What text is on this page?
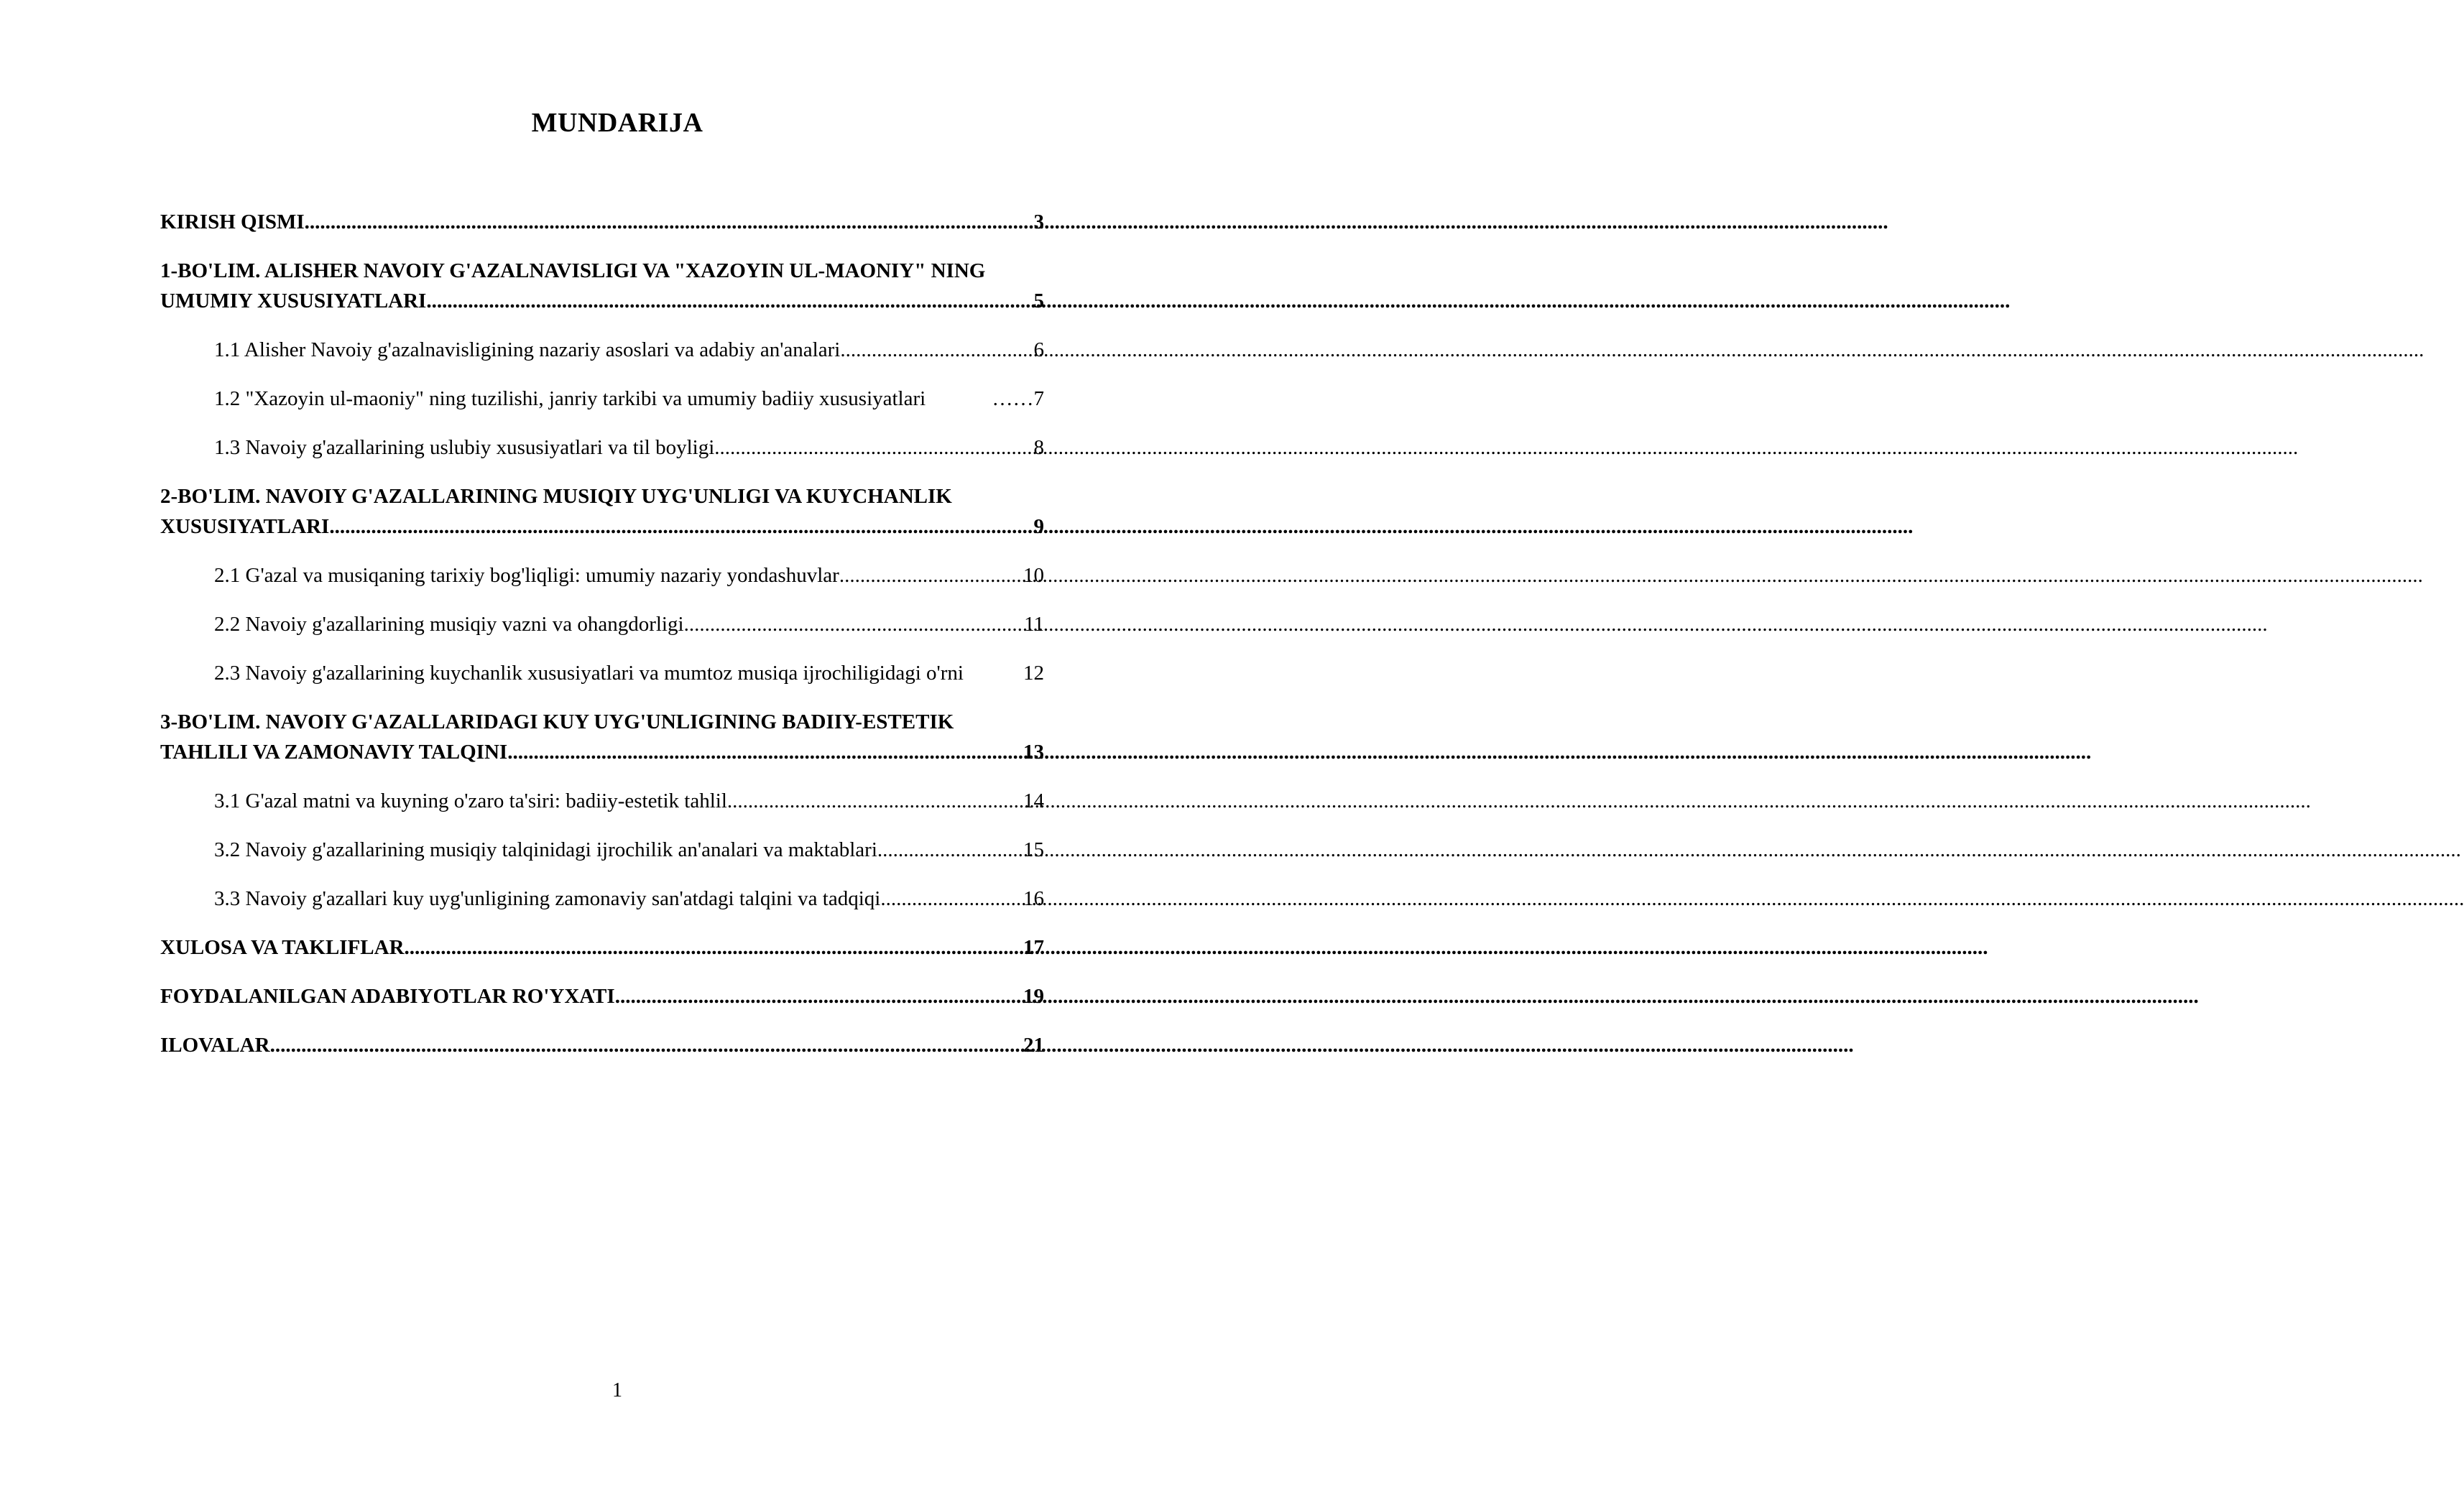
MUNDARIJA
KIRISH QISMI .....	3
1-BO'LIM. ALISHER NAVOIY G'AZALNAVISLIGI VA "XAZOYIN UL-MAONIY" NING
UMUMIY XUSUSIYATLARI .....	5
1.1 Alisher Navoiy g'azalnavisligining nazariy asoslari va adabiy an'analari .....	6
1.2 "Xazoyin ul-maoniy" ning tuzilishi, janriy tarkibi va umumiy badiiy xususiyatlari	…… 7
1.3 Navoiy g'azallarining uslubiy xususiyatlari va til boyligi .....	8
2-BO'LIM. NAVOIY G'AZALLARINING MUSIQIY UYG'UNLIGI VA KUYCHANLIK
XUSUSIYATLARI .....	9
2.1 G'azal va musiqaning tarixiy bog'liqligi: umumiy nazariy yondashuvlar .....	10
2.2 Navoiy g'azallarining musiqiy vazni va ohangdorligi .....	11
2.3 Navoiy g'azallarining kuychanlik xususiyatlari va mumtoz musiqa ijrochiligidagi o'rni	12
3-BO'LIM. NAVOIY G'AZALLARIDAGI KUY UYG'UNLIGINING BADIIY-ESTETIK
TAHLILI VA ZAMONAVIY TALQINI .....	13
3.1 G'azal matni va kuyning o'zaro ta'siri: badiiy-estetik tahlil .....	14
3.2 Navoiy g'azallarining musiqiy talqinidagi ijrochilik an'analari va maktablari .....	15
3.3 Navoiy g'azallari kuy uyg'unligining zamonaviy san'atdagi talqini va tadqiqi .....	16
XULOSA VA TAKLIFLAR .....	17
FOYDALANILGAN ADABIYOTLAR RO'YXATI .....	19
ILOVALAR .....	21
1
